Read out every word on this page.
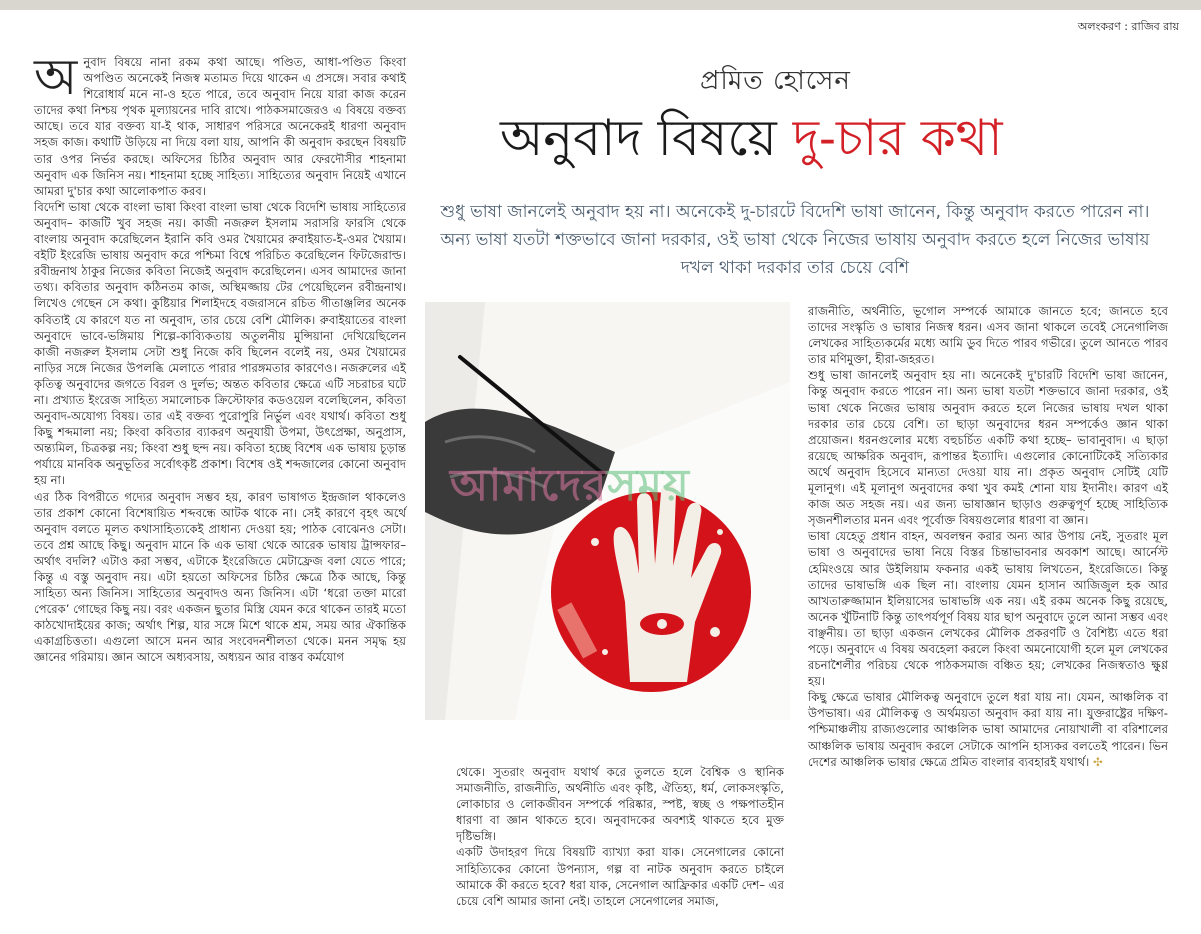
অলংকরণ : রাজিব রায়
অ নুবাদ বিষয়ে নানা রকম কথা আছে। পণ্ডিত, আধা-পণ্ডিত কিংবা অপণ্ডিত অনেকেই নিজস্ব মতামত দিয়ে থাকেন এ প্রসঙ্গে। সবার কথাই শিরোধার্য মনে না-ও হতে পারে, তবে অনুবাদ নিয়ে যারা কাজ করেন তাদের কথা নিশ্চয় পৃথক মূল্যায়নের দাবি রাখে। পাঠকসমাজেরও এ বিষয়ে বক্তব্য আছে। তবে যার বক্তব্য যা-ই থাক, সাধারণ পরিসরে অনেকেরই ধারণা অনুবাদ সহজ কাজ। কথাটি উড়িয়ে না দিয়ে বলা যায়, আপনি কী অনুবাদ করছেন বিষয়টি তার ওপর নির্ভর করছে। অফিসের চিঠির অনুবাদ আর ফেরদৌসীর শাহনামা অনুবাদ এক জিনিস নয়। শাহনামা হচ্ছে সাহিত্য। সাহিত্যের অনুবাদ নিয়েই এখানে আমরা দু'চার কথা আলোকপাত করব।

বিদেশি ভাষা থেকে বাংলা ভাষা কিংবা বাংলা ভাষা থেকে বিদেশি ভাষায় সাহিত্যের অনুবাদ– কাজটি খুব সহজ নয়। কাজী নজরুল ইসলাম সরাসরি ফারসি থেকে বাংলায় অনুবাদ করেছিলেন ইরানি কবি ওমর খৈয়ামের রুবাইয়াত-ই-ওমর খৈয়াম। বইটি ইংরেজি ভাষায় অনুবাদ করে পশ্চিমা বিশ্বে পরিচিত করেছিলেন ফিটজেরাল্ড। রবীন্দ্রনাথ ঠাকুর নিজের কবিতা নিজেই অনুবাদ করেছিলেন। এসব আমাদের জানা তথ্য। কবিতার অনুবাদ কঠিনতম কাজ, অস্থিমজ্জায় টের পেয়েছিলেন রবীন্দ্রনাথ। লিখেও গেছেন সে কথা। কুষ্টিয়ার শিলাইদহে বজরাসনে রচিত গীতাঞ্জলির অনেক কবিতাই যে কারণে যত না অনুবাদ, তার চেয়ে বেশি মৌলিক। রুবাইয়াতের বাংলা অনুবাদে ভাবে-ভঙ্গিমায় শিল্পে-কাব্যিকতায় অতুলনীয় মুন্সিয়ানা দেখিয়েছিলেন কাজী নজরুল ইসলাম সেটা শুধু নিজে কবি ছিলেন বলেই নয়, ওমর খৈয়ামের নাড়ির সঙ্গে নিজের উপলব্ধি মেলাতে পারার পারঙ্গমতার কারণেও। নজরুলের এই কৃতিত্ব অনুবাদের জগতে বিরল ও দুর্লভ; অন্তত কবিতার ক্ষেত্রে এটি সচরাচর ঘটে না। প্রখ্যাত ইংরেজ সাহিত্য সমালোচক ক্রিস্টোফার কডওয়েল বলেছিলেন, কবিতা অনুবাদ-অযোগ্য বিষয়। তার এই বক্তব্য পুরোপুরি নির্ভুল এবং যথার্থ। কবিতা শুধু কিছু শব্দমালা নয়; কিংবা কবিতার ব্যাকরণ অনুযায়ী উপমা, উৎপ্রেক্ষা, অনুপ্রাস, অন্ত্যমিল, চিত্রকল্প নয়; কিংবা শুধু ছন্দ নয়। কবিতা হচ্ছে বিশেষ এক ভাষায় চূড়ান্ত পর্যায়ে মানবিক অনুভূতির সর্বোৎকৃষ্ট প্রকাশ। বিশেষ ওই শব্দজালের কোনো অনুবাদ হয় না।

এর ঠিক বিপরীতে গদ্যের অনুবাদ সম্ভব হয়, কারণ ভাষাগত ইন্দ্রজাল থাকলেও তার প্রকাশ কোনো বিশেষায়িত শব্দবন্ধে আটক থাকে না। সেই কারণে বৃহৎ অর্থে অনুবাদ বলতে মূলত কথাসাহিত্যকেই প্রাধান্য দেওয়া হয়; পাঠক বোঝেনও সেটা। তবে প্রশ্ন আছে কিছু। অনুবাদ মানে কি এক ভাষা থেকে আরেক ভাষায় ট্রান্সফার– অর্থাৎ বদলি? এটাও করা সম্ভব, এটাকে ইংরেজিতে মেটাফ্রেজ বলা যেতে পারে; কিন্তু এ বস্তু অনুবাদ নয়। এটা হয়তো অফিসের চিঠির ক্ষেত্রে ঠিক আছে, কিন্তু সাহিত্য অন্য জিনিস। সাহিত্যের অনুবাদও অন্য জিনিস। এটা ‘ধরো তক্তা মারো পেরেক’ গোছের কিছু নয়। বরং একজন ছুতার মিস্ত্রি যেমন করে থাকেন তারই মতো কাঠখোদাইয়ের কাজ; অর্থাৎ শিল্প, যার সঙ্গে মিশে থাকে শ্রম, সময় আর ঐকান্তিক একাগ্রচিত্ততা। এগুলো আসে মনন আর সংবেদনশীলতা থেকে। মনন সমৃদ্ধ হয় জ্ঞানের গরিমায়। জ্ঞান আসে অধ্যবসায়, অধ্যয়ন আর বাস্তব কর্মযোগ

প্রমিত হোসেন
অনুবাদ বিষয়ে দু-চার কথা
শুধু ভাষা জানলেই অনুবাদ হয় না। অনেকেই দু-চারটে বিদেশি ভাষা জানেন, কিন্তু অনুবাদ করতে পারেন না। অন্য ভাষা যতটা শক্তভাবে জানা দরকার, ওই ভাষা থেকে নিজের ভাষায় অনুবাদ করতে হলে নিজের ভাষায় দখল থাকা দরকার তার চেয়ে বেশি
আমাদেরসময়

থেকে। সুতরাং অনুবাদ যথার্থ করে তুলতে হলে বৈশ্বিক ও স্থানিক সমাজনীতি, রাজনীতি, অর্থনীতি এবং কৃষ্টি, ঐতিহ্য, ধর্ম, লোকসংস্কৃতি, লোকাচার ও লোকজীবন সম্পর্কে পরিষ্কার, স্পষ্ট, স্বচ্ছ ও পক্ষপাতহীন ধারণা বা জ্ঞান থাকতে হবে। অনুবাদকের অবশ্যই থাকতে হবে মুক্ত দৃষ্টিভঙ্গি।

একটি উদাহরণ দিয়ে বিষয়টি ব্যাখ্যা করা যাক। সেনেগালের কোনো সাহিত্যিকের কোনো উপন্যাস, গল্প বা নাটক অনুবাদ করতে চাইলে আমাকে কী করতে হবে? ধরা যাক, সেনেগাল আফ্রিকার একটি দেশ– এর চেয়ে বেশি আমার জানা নেই। তাহলে সেনেগালের সমাজ,

রাজনীতি, অর্থনীতি, ভূগোল সম্পর্কে আমাকে জানতে হবে; জানতে হবে তাদের সংস্কৃতি ও ভাষার নিজস্ব ধরন। এসব জানা থাকলে তবেই সেনেগালিজ লেখকের সাহিত্যকর্মের মধ্যে আমি ডুব দিতে পারব গভীরে। তুলে আনতে পারব তার মণিমুক্তা, হীরা-জহরত।

শুধু ভাষা জানলেই অনুবাদ হয় না। অনেকেই দু'চারটি বিদেশি ভাষা জানেন, কিন্তু অনুবাদ করতে পারেন না। অন্য ভাষা যতটা শক্তভাবে জানা দরকার, ওই ভাষা থেকে নিজের ভাষায় অনুবাদ করতে হলে নিজের ভাষায় দখল থাকা দরকার তার চেয়ে বেশি। তা ছাড়া অনুবাদের ধরন সম্পর্কেও জ্ঞান থাকা প্রয়োজন। ধরনগুলোর মধ্যে বহুচর্চিত একটি কথা হচ্ছে– ভাবানুবাদ। এ ছাড়া রয়েছে আক্ষরিক অনুবাদ, রূপান্তর ইত্যাদি। এগুলোর কোনোটিকেই সত্যিকার অর্থে অনুবাদ হিসেবে মান্যতা দেওয়া যায় না। প্রকৃত অনুবাদ সেটিই যেটি মূলানুগ। এই মূলানুগ অনুবাদের কথা খুব কমই শোনা যায় ইদানীং। কারণ এই কাজ অত সহজ নয়। এর জন্য ভাষাজ্ঞান ছাড়াও গুরুত্বপূর্ণ হচ্ছে সাহিত্যিক সৃজনশীলতার মনন এবং পূর্বোক্ত বিষয়গুলোর ধারণা বা জ্ঞান।

ভাষা যেহেতু প্রধান বাহন, অবলম্বন করার অন্য আর উপায় নেই, সুতরাং মূল ভাষা ও অনুবাদের ভাষা নিয়ে বিস্তর চিন্তাভাবনার অবকাশ আছে। আর্নেস্ট হেমিংওয়ে আর উইলিয়াম ফকনার একই ভাষায় লিখতেন, ইংরেজিতে। কিন্তু তাদের ভাষাভঙ্গি এক ছিল না। বাংলায় যেমন হাসান আজিজুল হক আর আখতারুজ্জামান ইলিয়াসের ভাষাভঙ্গি এক নয়। এই রকম অনেক কিছু রয়েছে, অনেক খুঁটিনাটি কিন্তু তাৎপর্যপূর্ণ বিষয় যার ছাপ অনুবাদে তুলে আনা সম্ভব এবং বাঞ্ছনীয়। তা ছাড়া একজন লেখকের মৌলিক প্রকরণটি ও বৈশিষ্ট্য এতে ধরা পড়ে। অনুবাদে এ বিষয় অবহেলা করলে কিংবা অমনোযোগী হলে মূল লেখকের রচনাশৈলীর পরিচয় থেকে পাঠকসমাজ বঞ্চিত হয়; লেখকের নিজস্বতাও ক্ষুণ্ণ হয়।

কিছু ক্ষেত্রে ভাষার মৌলিকত্ব অনুবাদে তুলে ধরা যায় না। যেমন, আঞ্চলিক বা উপভাষা। এর মৌলিকত্ব ও অর্থময়তা অনুবাদ করা যায় না। যুক্তরাষ্ট্রের দক্ষিণ-পশ্চিমাঞ্চলীয় রাজ্যগুলোর আঞ্চলিক ভাষা আমাদের নোয়াখালী বা বরিশালের আঞ্চলিক ভাষায় অনুবাদ করলে সেটাকে আপনি হাস্যকর বলতেই পারেন। ভিন দেশের আঞ্চলিক ভাষার ক্ষেত্রে প্রমিত বাংলার ব্যবহারই যথার্থ। ✣
